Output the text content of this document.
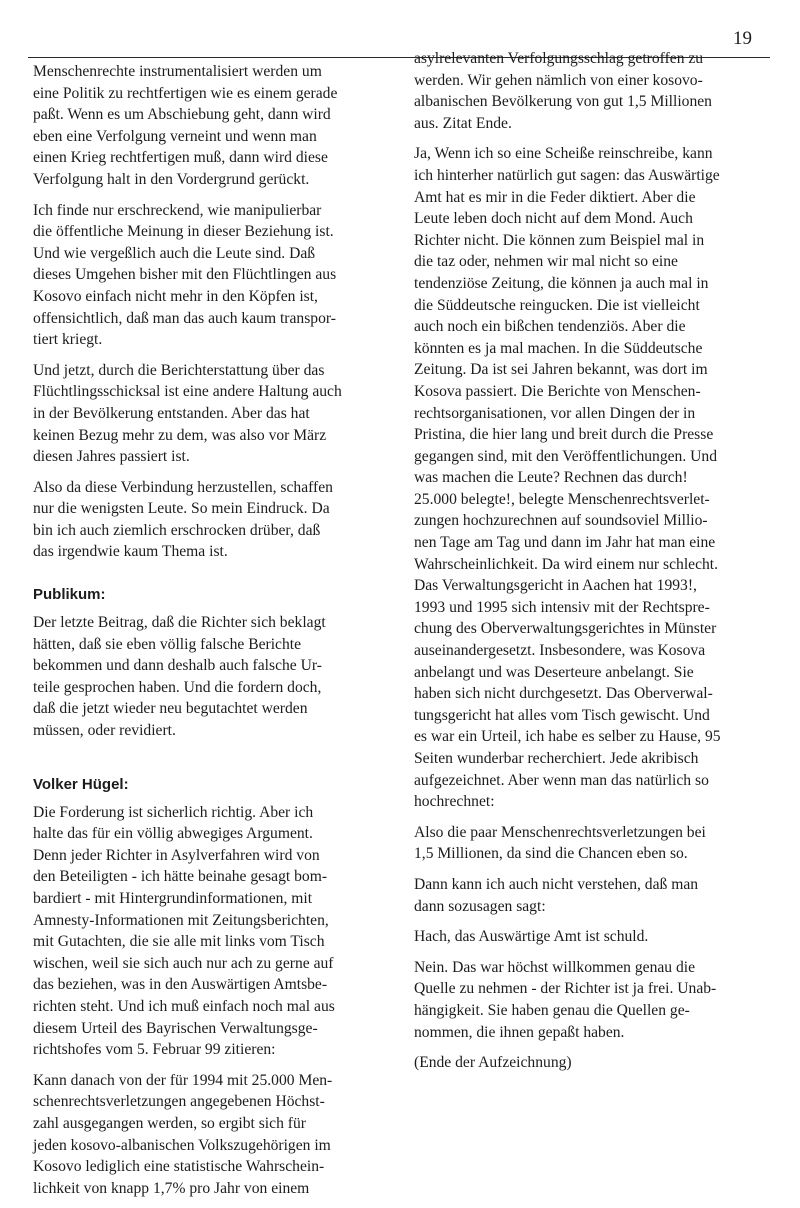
19

Menschenrechte instrumentalisiert werden um
eine Politik zu rechtfertigen wie es einem gerade
paßt. Wenn es um Abschiebung geht, dann wird
eben eine Verfolgung verneint und wenn man
einen Krieg rechtfertigen muß, dann wird diese
Verfolgung halt in den Vordergrund gerückt.

Ich finde nur erschreckend, wie manipulierbar
die öffentliche Meinung in dieser Beziehung ist.
Und wie vergeßlich auch die Leute sind. Daß
dieses Umgehen bisher mit den Flüchtlingen aus
Kosovo einfach nicht mehr in den Köpfen ist,
offensichtlich, daß man das auch kaum transpor-
tiert kriegt.

Und jetzt, durch die Berichterstattung über das
Flüchtlingsschicksal ist eine andere Haltung auch
in der Bevölkerung entstanden. Aber das hat
keinen Bezug mehr zu dem, was also vor März
diesen Jahres passiert ist.

Also da diese Verbindung herzustellen, schaffen
nur die wenigsten Leute. So mein Eindruck. Da
bin ich auch ziemlich erschrocken drüber, daß
das irgendwie kaum Thema ist.

Publikum:

Der letzte Beitrag, daß die Richter sich beklagt
hätten, daß sie eben völlig falsche Berichte
bekommen und dann deshalb auch falsche Ur-
teile gesprochen haben. Und die fordern doch,
daß die jetzt wieder neu begutachtet werden
müssen, oder revidiert.

Volker Hügel:

Die Forderung ist sicherlich richtig. Aber ich
halte das für ein völlig abwegiges Argument.
Denn jeder Richter in Asylverfahren wird von
den Beteiligten - ich hätte beinahe gesagt bom-
bardiert - mit Hintergrundinformationen, mit
Amnesty-Informationen mit Zeitungsberichten,
mit Gutachten, die sie alle mit links vom Tisch
wischen, weil sie sich auch nur ach zu gerne auf
das beziehen, was in den Auswärtigen Amtsbe-
richten steht. Und ich muß einfach noch mal aus
diesem Urteil des Bayrischen Verwaltungsge-
richtshofes vom 5. Februar 99 zitieren:

Kann danach von der für 1994 mit 25.000 Men-
schenrechtsverletzungen angegebenen Höchst-
zahl ausgegangen werden, so ergibt sich für
jeden kosovo-albanischen Volkszugehörigen im
Kosovo lediglich eine statistische Wahrschein-
lichkeit von knapp 1,7% pro Jahr von einem

asylrelevanten Verfolgungsschlag getroffen zu
werden. Wir gehen nämlich von einer kosovo-
albanischen Bevölkerung von gut 1,5 Millionen
aus. Zitat Ende.

Ja, Wenn ich so eine Scheiße reinschreibe, kann
ich hinterher natürlich gut sagen: das Auswärtige
Amt hat es mir in die Feder diktiert. Aber die
Leute leben doch nicht auf dem Mond. Auch
Richter nicht. Die können zum Beispiel mal in
die taz oder, nehmen wir mal nicht so eine
tendenziöse Zeitung, die können ja auch mal in
die Süddeutsche reingucken. Die ist vielleicht
auch noch ein bißchen tendenziös. Aber die
könnten es ja mal machen. In die Süddeutsche
Zeitung. Da ist sei Jahren bekannt, was dort im
Kosova passiert. Die Berichte von Menschen-
rechtsorganisationen, vor allen Dingen der in
Pristina, die hier lang und breit durch die Presse
gegangen sind, mit den Veröffentlichungen. Und
was machen die Leute? Rechnen das durch!
25.000 belegte!, belegte Menschenrechtsverlet-
zungen hochzurechnen auf soundsoviel Millio-
nen Tage am Tag und dann im Jahr hat man eine
Wahrscheinlichkeit. Da wird einem nur schlecht.
Das Verwaltungsgericht in Aachen hat 1993!,
1993 und 1995 sich intensiv mit der Rechtspre-
chung des Oberverwaltungsgerichtes in Münster
auseinandergesetzt. Insbesondere, was Kosova
anbelangt und was Deserteure anbelangt. Sie
haben sich nicht durchgesetzt. Das Oberverwal-
tungsgericht hat alles vom Tisch gewischt. Und
es war ein Urteil, ich habe es selber zu Hause, 95
Seiten wunderbar recherchiert. Jede akribisch
aufgezeichnet. Aber wenn man das natürlich so
hochrechnet:

Also die paar Menschenrechtsverletzungen bei
1,5 Millionen, da sind die Chancen eben so.

Dann kann ich auch nicht verstehen, daß man
dann sozusagen sagt:

Hach, das Auswärtige Amt ist schuld.

Nein. Das war höchst willkommen genau die
Quelle zu nehmen - der Richter ist ja frei. Unab-
hängigkeit. Sie haben genau die Quellen ge-
nommen, die ihnen gepaßt haben.

(Ende der Aufzeichnung)
